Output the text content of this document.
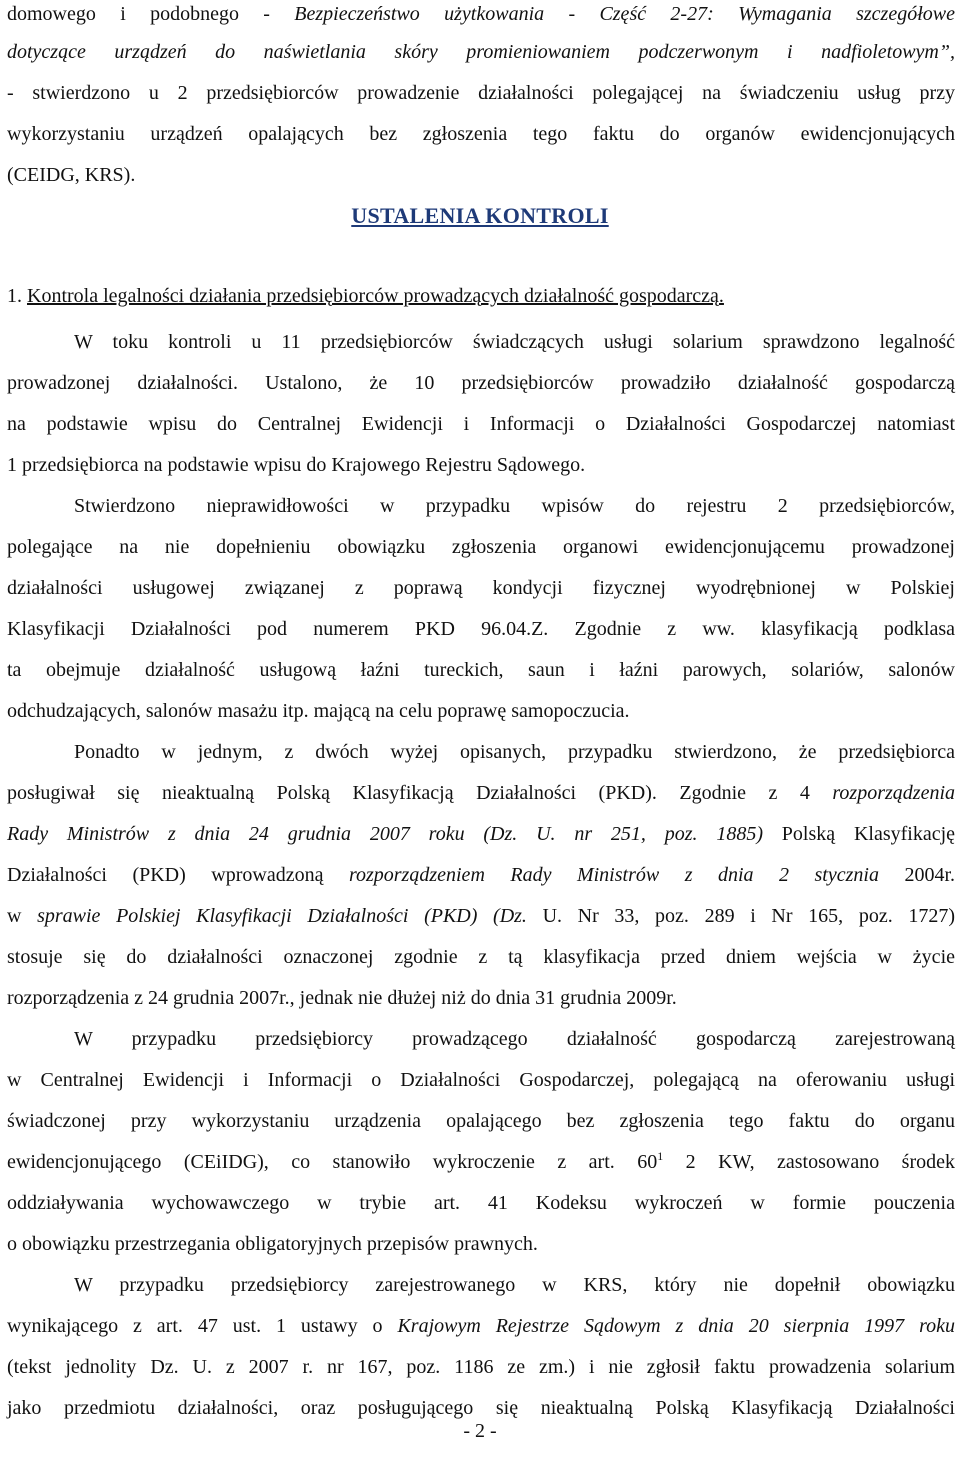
USTALENIA KONTROLI
domowego i podobnego - Bezpieczeństwo użytkowania - Część 2-27: Wymagania szczegółowe
dotyczące urządzeń do naświetlania skóry promieniowaniem podczerwonym i nadfioletowym”,
- stwierdzono u 2 przedsiębiorców prowadzenie działalności polegającej na świadczeniu usług przy
wykorzystaniu urządzeń opalających bez zgłoszenia tego faktu do organów ewidencjonujących
(CEIDG, KRS).
1. Kontrola legalności działania przedsiębiorców prowadzących działalność gospodarczą.
W toku kontroli u 11 przedsiębiorców świadczących usługi solarium sprawdzono legalność
prowadzonej działalności. Ustalono, że 10 przedsiębiorców prowadziło działalność gospodarczą
na podstawie wpisu do Centralnej Ewidencji i Informacji o Działalności Gospodarczej natomiast
1 przedsiębiorca na podstawie wpisu do Krajowego Rejestru Sądowego.
Stwierdzono nieprawidłowości w przypadku wpisów do rejestru 2 przedsiębiorców,
polegające na nie dopełnieniu obowiązku zgłoszenia organowi ewidencjonującemu prowadzonej
działalności usługowej związanej z poprawą kondycji fizycznej wyodrębnionej w Polskiej
Klasyfikacji Działalności pod numerem PKD 96.04.Z. Zgodnie z ww. klasyfikacją podklasa
ta obejmuje działalność usługową łaźni tureckich, saun i łaźni parowych, solariów, salonów
odchudzających, salonów masażu itp. mającą na celu poprawę samopoczucia.
Ponadto w jednym, z dwóch wyżej opisanych, przypadku stwierdzono, że przedsiębiorca
posługiwał się nieaktualną Polską Klasyfikacją Działalności (PKD). Zgodnie z 4 rozporządzenia
Rady Ministrów z dnia 24 grudnia 2007 roku (Dz. U. nr 251, poz. 1885) Polską Klasyfikację
Działalności (PKD) wprowadzoną rozporządzeniem Rady Ministrów z dnia 2 stycznia 2004r.
w sprawie Polskiej Klasyfikacji Działalności (PKD) (Dz. U. Nr 33, poz. 289 i Nr 165, poz. 1727)
stosuje się do działalności oznaczonej zgodnie z tą klasyfikacja przed dniem wejścia w życie
rozporządzenia z 24 grudnia 2007r., jednak nie dłużej niż do dnia 31 grudnia 2009r.
W przypadku przedsiębiorcy prowadzącego działalność gospodarczą zarejestrowaną
w Centralnej Ewidencji i Informacji o Działalności Gospodarczej, polegającą na oferowaniu usługi
świadczonej przy wykorzystaniu urządzenia opalającego bez zgłoszenia tego faktu do organu
ewidencjonującego (CEiIDG), co stanowiło wykroczenie z art. $60^1$ 2 KW, zastosowano środek
oddziaływania wychowawczego w trybie art. 41 Kodeksu wykroczeń w formie pouczenia
o obowiązku przestrzegania obligatoryjnych przepisów prawnych.
W przypadku przedsiębiorcy zarejestrowanego w KRS, który nie dopełnił obowiązku
wynikającego z art. 47 ust. 1 ustawy o Krajowym Rejestrze Sądowym z dnia 20 sierpnia 1997 roku
(tekst jednolity Dz. U. z 2007 r. nr 167, poz. 1186 ze zm.) i nie zgłosił faktu prowadzenia solarium
jako przedmiotu działalności, oraz posługującego się nieaktualną Polską Klasyfikacją Działalności
- 2 -
